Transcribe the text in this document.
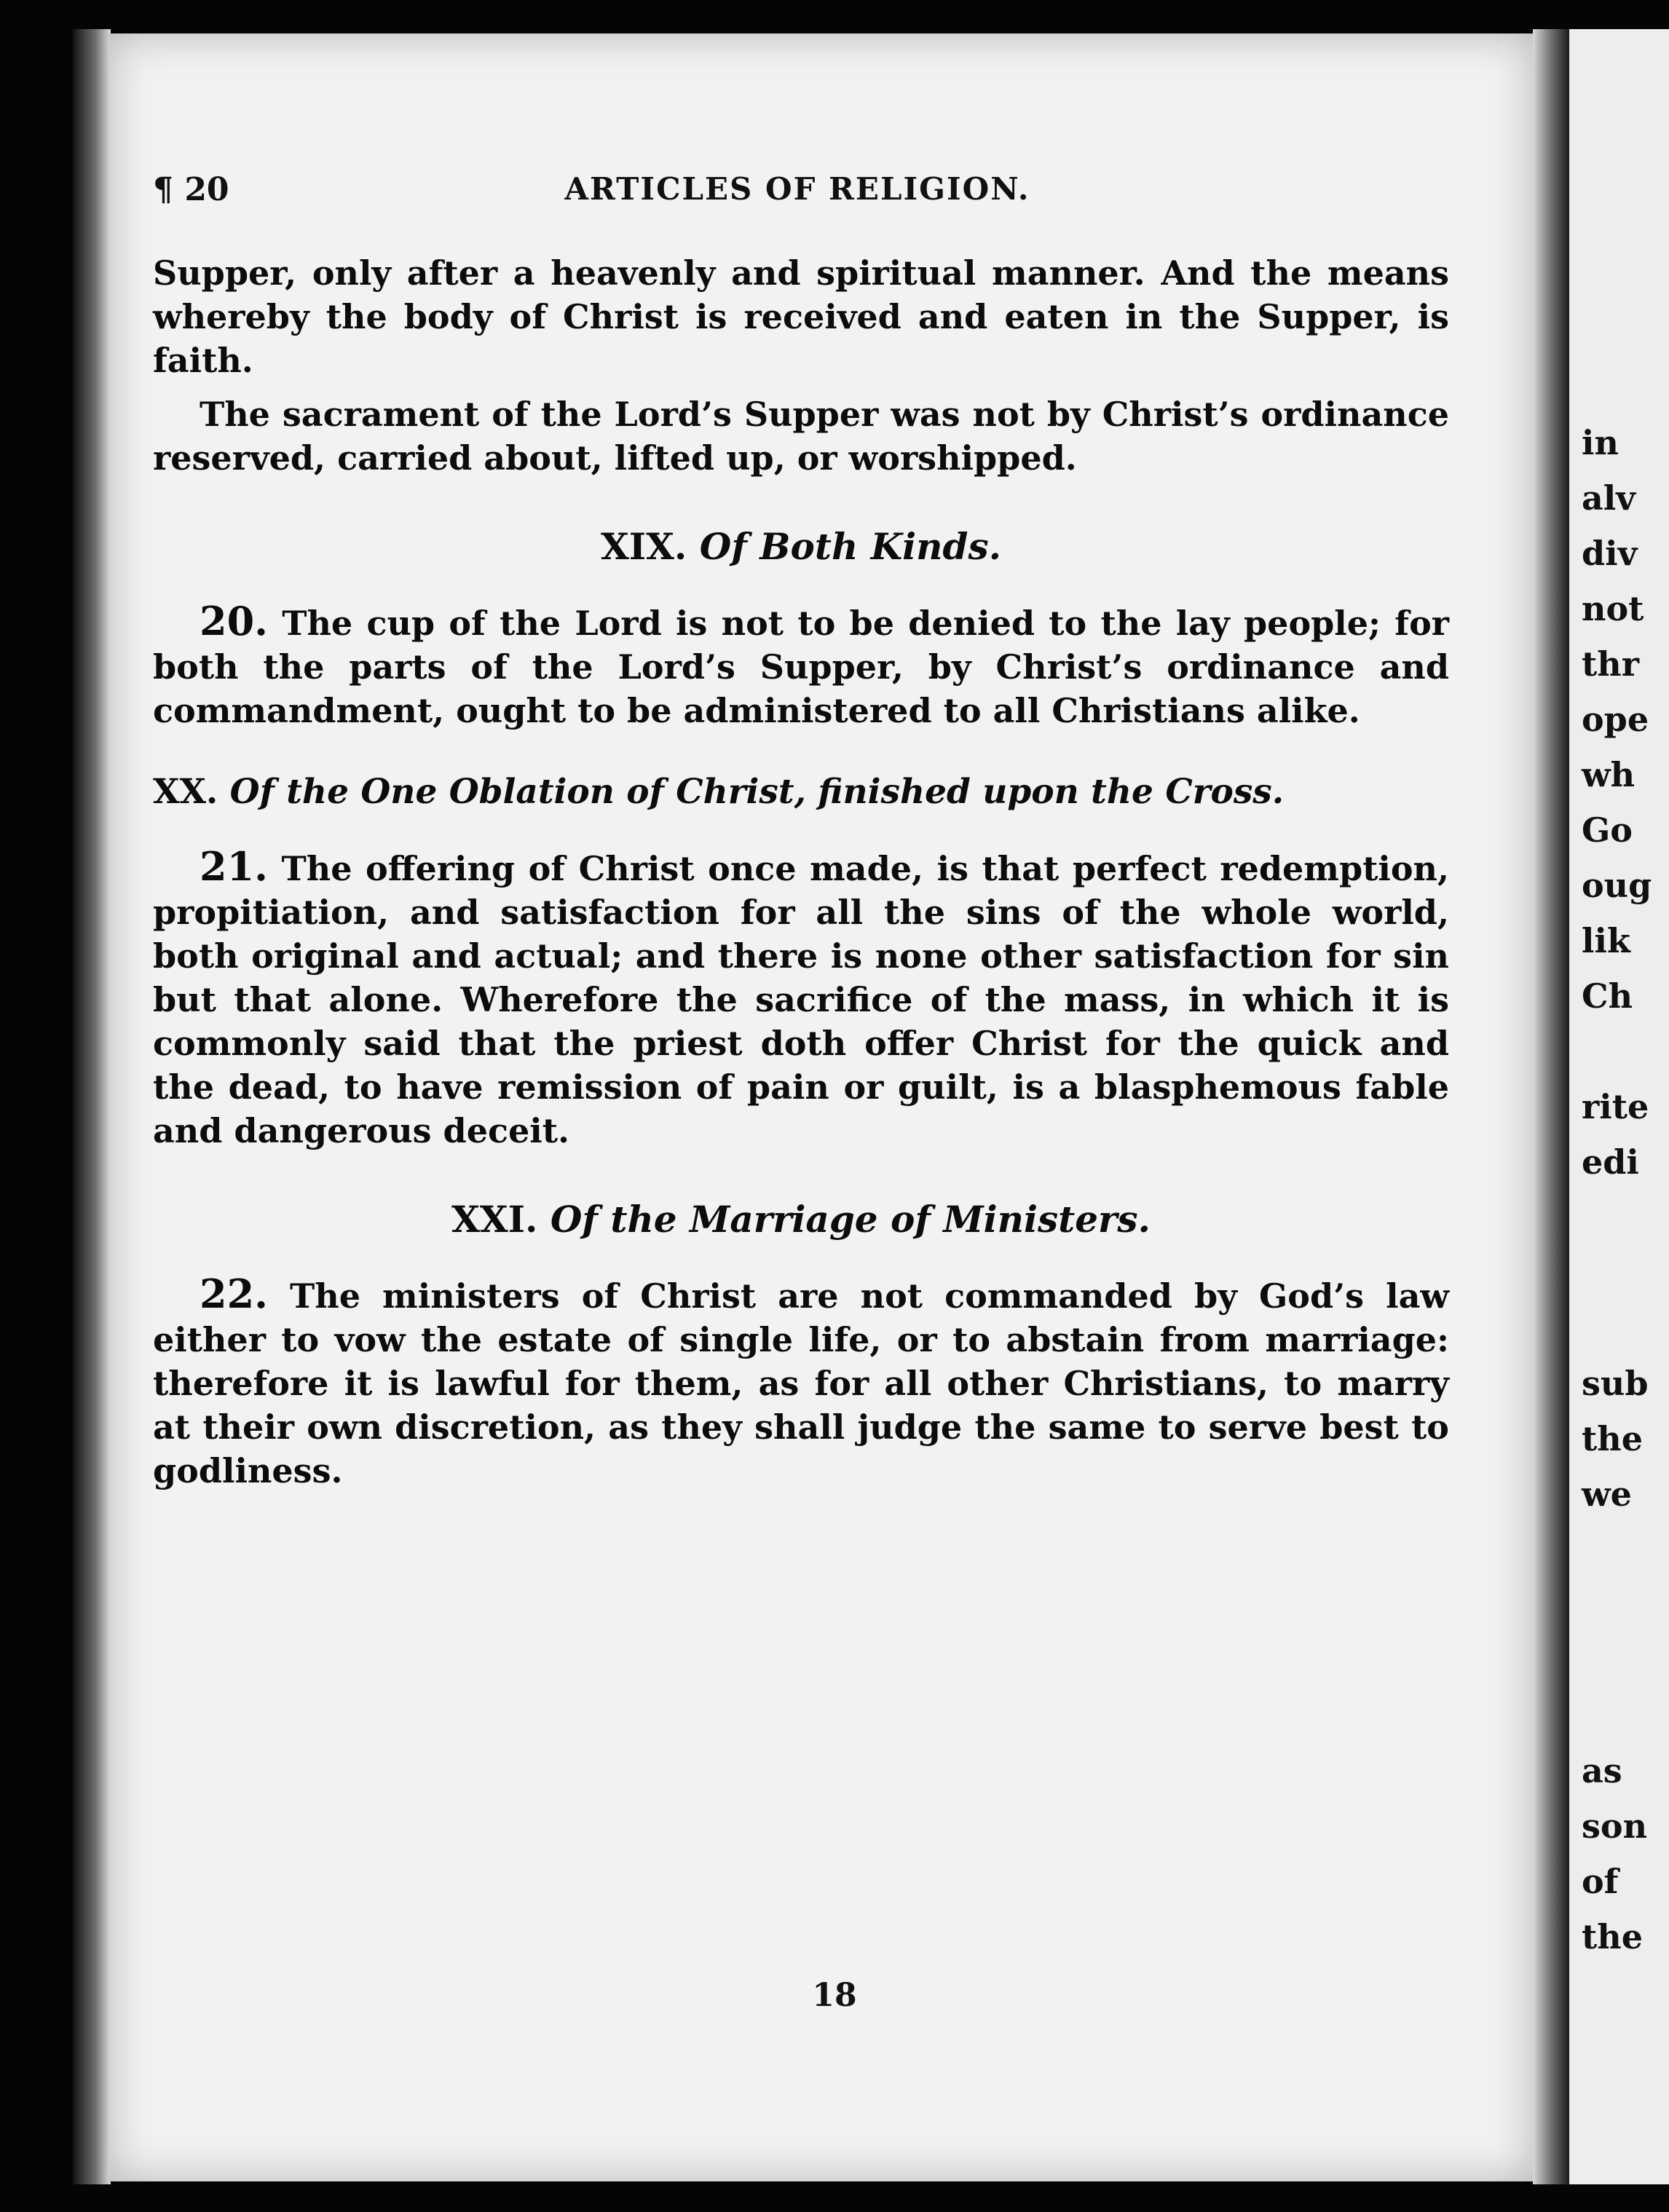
¶ 20	ARTICLES OF RELIGION.

Supper, only after a heavenly and spiritual manner. And the means whereby the body of Christ is received and eaten in the Supper, is faith.

The sacrament of the Lord’s Supper was not by Christ’s ordinance reserved, carried about, lifted up, or worshipped.

XIX. Of Both Kinds.

20. The cup of the Lord is not to be denied to the lay people; for both the parts of the Lord’s Supper, by Christ’s ordinance and commandment, ought to be administered to all Christians alike.

XX. Of the One Oblation of Christ, finished upon the Cross.

21. The offering of Christ once made, is that perfect redemption, propitiation, and satisfaction for all the sins of the whole world, both original and actual; and there is none other satisfaction for sin but that alone. Wherefore the sacrifice of the mass, in which it is commonly said that the priest doth offer Christ for the quick and the dead, to have remission of pain or guilt, is a blasphemous fable and dangerous deceit.

XXI. Of the Marriage of Ministers.

22. The ministers of Christ are not commanded by God’s law either to vow the estate of single life, or to abstain from marriage: therefore it is lawful for them, as for all other Christians, to marry at their own discretion, as they shall judge the same to serve best to godliness.

18
in
alv
div
not
thr
ope
wh
Go
oug
lik
Ch

rite
edi

sub
the
we

as
son
of
the
